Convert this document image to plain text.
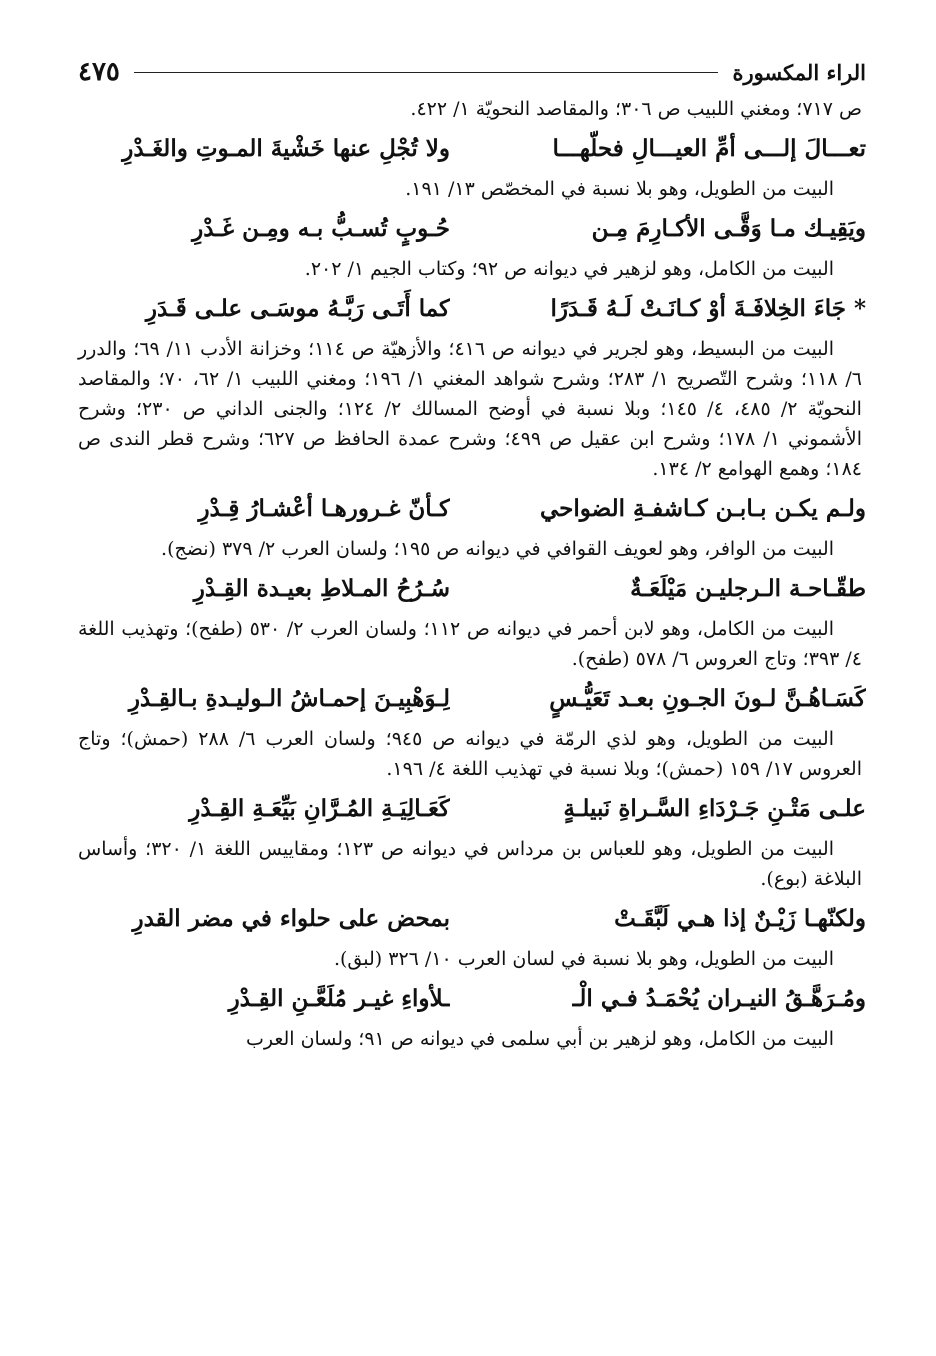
الراء المكسورة
٤٧٥

ص ٧١٧؛ ومغني اللبيب ص ٣٠٦؛ والمقاصد النحويّة ١/ ٤٢٢.

تعـــالَ إلـــى أمِّ العيـــالِ فحلّهـــا
ولا تُجْلِ عنها خَشْيةَ المـوتِ والغَـدْرِ

البيت من الطويل، وهو بلا نسبة في المخصّص ١٣/ ١٩١.

ويَقِيـك مـا وَقَّـى الأكـارِمَ مِـن
حُـوبٍ تُسـبُّ بـه ومِـن غَـدْرِ

البيت من الكامل، وهو لزهير في ديوانه ص ٩٢؛ وكتاب الجيم ١/ ٢٠٢.

* جَاءَ الخِلافَـةَ أوْ كـانَـتْ لَـهُ قَـدَرًا
كما أَتَـى رَبَّـهُ موسَـى علـى قَـدَرِ

البيت من البسيط، وهو لجرير في ديوانه ص ٤١٦؛ والأزهيّة ص ١١٤؛ وخزانة الأدب ١١/ ٦٩؛ والدرر ٦/ ١١٨؛ وشرح التّصريح ١/ ٢٨٣؛ وشرح شواهد المغني ١/ ١٩٦؛ ومغني اللبيب ١/ ٦٢، ٧٠؛ والمقاصد النحويّة ٢/ ٤٨٥، ٤/ ١٤٥؛ وبلا نسبة في أوضح المسالك ٢/ ١٢٤؛ والجنى الداني ص ٢٣٠؛ وشرح الأشموني ١/ ١٧٨؛ وشرح ابن عقيل ص ٤٩٩؛ وشرح عمدة الحافظ ص ٦٢٧؛ وشرح قطر الندى ص ١٨٤؛ وهمع الهوامع ٢/ ١٣٤.

ولـم يكـن بـابـن كـاشفـةِ الضواحي
كـأنّ غـرورهـا أعْشـارُ قِـدْرِ

البيت من الوافر، وهو لعويف القوافي في ديوانه ص ١٩٥؛ ولسان العرب ٢/ ٣٧٩ (نضج).

طقّـاحـة الـرجليـن مَيْلَعَـةٌ
سُـرُحُ المـلاطِ بعيـدة القِـدْرِ

البيت من الكامل، وهو لابن أحمر في ديوانه ص ١١٢؛ ولسان العرب ٢/ ٥٣٠ (طفح)؛ وتهذيب اللغة ٤/ ٣٩٣؛ وتاج العروس ٦/ ٥٧٨ (طفح).

كَسَـاهُـنَّ لـونَ الجـونِ بعـد تَعَيُّـسٍ
لِـوَهْبِيـنَ إحمـاشُ الـوليـدةِ بـالقِـدْرِ

البيت من الطويل، وهو لذي الرمّة في ديوانه ص ٩٤٥؛ ولسان العرب ٦/ ٢٨٨ (حمش)؛ وتاج العروس ١٧/ ١٥٩ (حمش)؛ وبلا نسبة في تهذيب اللغة ٤/ ١٩٦.

علـى مَتْـنِ جَـرْدَاءِ السَّـراةِ نَبيلـةٍ
كَعَـالِيَـةِ المُـرَّانِ بَيِّعَـةِ القِـدْرِ

البيت من الطويل، وهو للعباس بن مرداس في ديوانه ص ١٢٣؛ ومقاييس اللغة ١/ ٣٢٠؛ وأساس البلاغة (بوع).

ولكنّهـا زَيْـنٌ إذا هـي لَبَّقَـتْ
بمحض على حلواء في مضر القدرِ

البيت من الطويل، وهو بلا نسبة في لسان العرب ١٠/ ٣٢٦ (لبق).

ومُـرَهَّـقُ النيـران يُحْمَـدُ فـي الْـ
ـلأواءِ غيـر مُلَعَّـنِ القِـدْرِ

البيت من الكامل، وهو لزهير بن أبي سلمى في ديوانه ص ٩١؛ ولسان العرب
